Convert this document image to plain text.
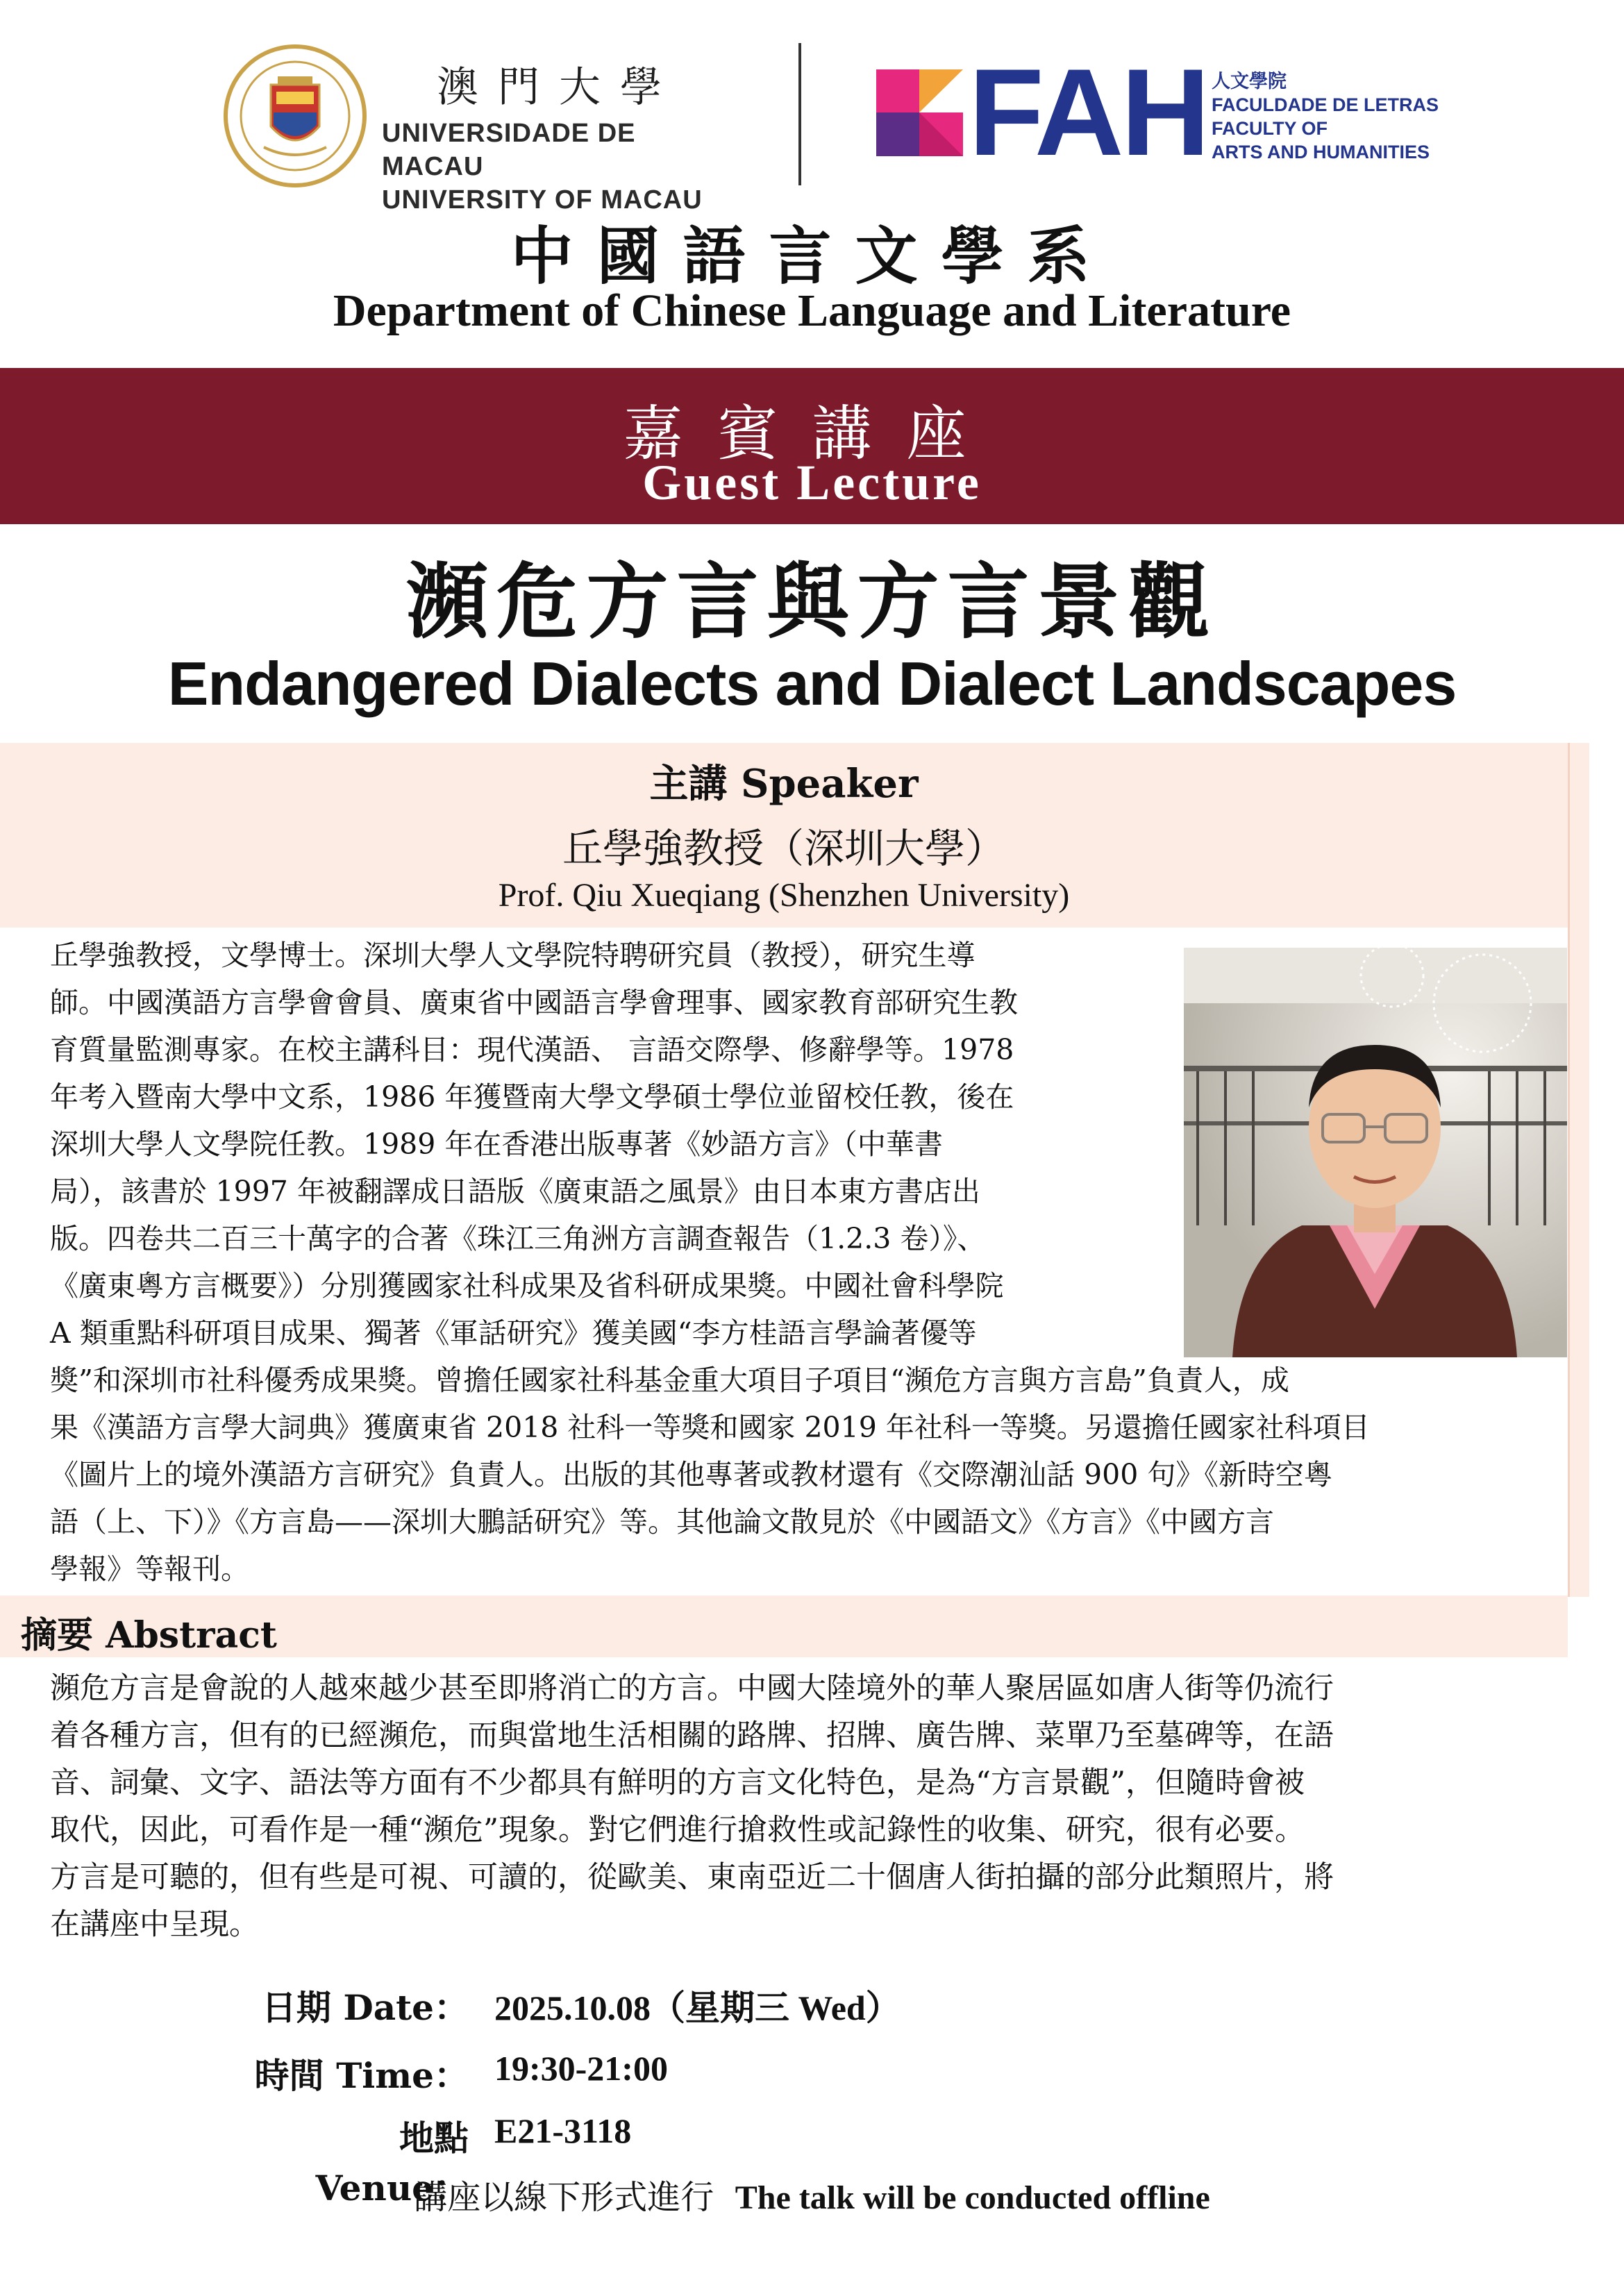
澳門大學
UNIVERSIDADE DE MACAU
UNIVERSITY OF MACAU
FAH 人文學院
FACULDADE DE LETRAS
FACULTY OF
ARTS AND HUMANITIES
中國語言文學系
Department of Chinese Language and Literature
嘉賓講座
Guest Lecture
瀕危方言與方言景觀
Endangered Dialects and Dialect Landscapes
主講 Speaker
丘學強教授（深圳大學）
Prof. Qiu Xueqiang (Shenzhen University)
丘學強教授，文學博士。深圳大學人文學院特聘研究員（教授），研究生導
師。中國漢語方言學會會員、廣東省中國語言學會理事、國家教育部研究生教
育質量監測專家。在校主講科目：現代漢語、 言語交際學、修辭學等。1978
年考入暨南大學中文系，1986 年獲暨南大學文學碩士學位並留校任教，後在
深圳大學人文學院任教。1989 年在香港出版專著《妙語方言》（中華書
局），該書於 1997 年被翻譯成日語版《廣東語之風景》由日本東方書店出
版。四卷共二百三十萬字的合著《珠江三角洲方言調查報告（1.2.3 卷）》、
《廣東粵方言概要》）分別獲國家社科成果及省科研成果獎。中國社會科學院
A 類重點科研項目成果、獨著《軍話研究》獲美國“李方桂語言學論著優等
獎”和深圳市社科優秀成果獎。曾擔任國家社科基金重大項目子項目“瀕危方言與方言島”負責人，成
果《漢語方言學大詞典》獲廣東省 2018 社科一等獎和國家 2019 年社科一等獎。另還擔任國家社科項目
《圖片上的境外漢語方言研究》負責人。出版的其他專著或教材還有《交際潮汕話 900 句》《新時空粵
語（上、下）》《方言島——深圳大鵬話研究》等。其他論文散見於《中國語文》《方言》《中國方言
學報》等報刊。
摘要 Abstract
瀕危方言是會說的人越來越少甚至即將消亡的方言。中國大陸境外的華人聚居區如唐人街等仍流行
着各種方言，但有的已經瀕危，而與當地生活相關的路牌、招牌、廣告牌、菜單乃至墓碑等，在語
音、詞彙、文字、語法等方面有不少都具有鮮明的方言文化特色，是為“方言景觀”，但隨時會被
取代，因此，可看作是一種“瀕危”現象。對它們進行搶救性或記錄性的收集、研究，很有必要。
方言是可聽的，但有些是可視、可讀的，從歐美、東南亞近二十個唐人街拍攝的部分此類照片，將
在講座中呈現。
日期 Date： 2025.10.08（星期三 Wed）
時間 Time： 19:30-21:00
地點 Venue：
E21-3118
講座以線下形式進行 The talk will be conducted offline
